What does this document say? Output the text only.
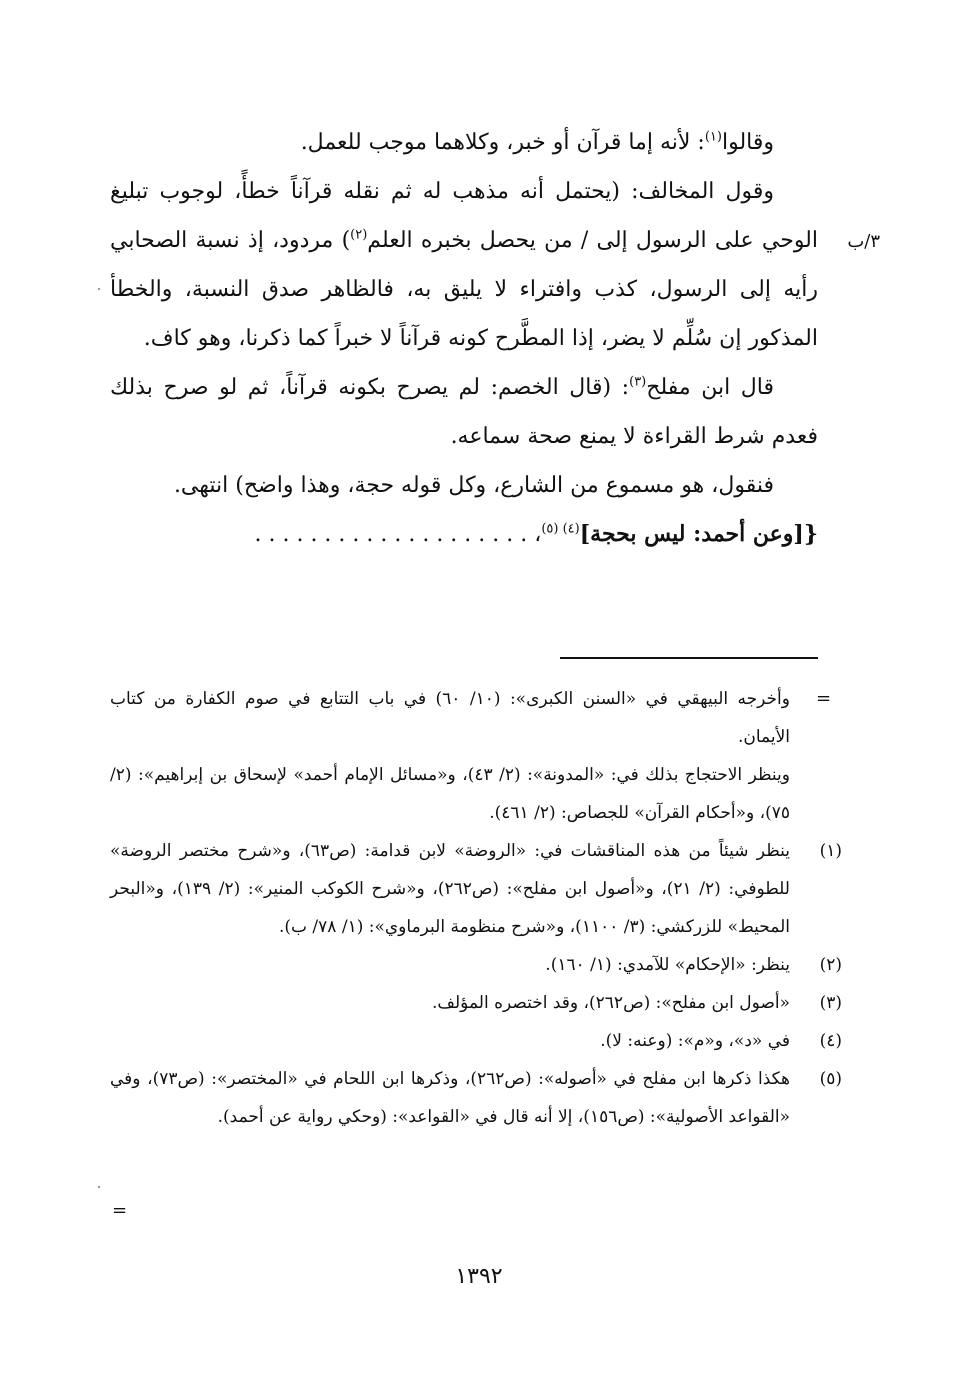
وقالوا$^{(١)}$: لأنه إما قرآن أو خبر، وكلاهما موجب للعمل.

وقول المخالف: (يحتمل أنه مذهب له ثم نقله قرآناً خطأً، لوجوب تبليغ الوحي على الرسول إلى / من يحصل بخبره العلم$^{(٢)}$) مردود، إذ نسبة الصحابي رأيه إلى الرسول، كذب وافتراء لا يليق به، فالظاهر صدق النسبة، والخطأ المذكور إن سُلِّم لا يضر، إذا المطَّرح كونه قرآناً لا خبراً كما ذكرنا، وهو كاف.

قال ابن مفلح$^{(٣)}$: (قال الخصم: لم يصرح بكونه قرآناً، ثم لو صرح بذلك فعدم شرط القراءة لا يمنع صحة سماعه.

فنقول، هو مسموع من الشارع، وكل قوله حجة، وهذا واضح) انتهى.

{[وعن أحمد: ليس بحجة]$^{(٤) (٥)}$، . . . . . . . . . . . . . . . . . . . .

٣/ب
=
وأخرجه البيهقي في «السنن الكبرى»: (١٠/ ٦٠) في باب التتابع في صوم الكفارة من كتاب الأيمان.
وينظر الاحتجاج بذلك في: «المدونة»: (٢/ ٤٣)، و«مسائل الإمام أحمد» لإسحاق بن إبراهيم»: (٢/ ٧٥)، و«أحكام القرآن» للجصاص: (٢/ ٤٦١).
(١)
ينظر شيئاً من هذه المناقشات في: «الروضة» لابن قدامة: (ص٦٣)، و«شرح مختصر الروضة» للطوفي: (٢/ ٢١)، و«أصول ابن مفلح»: (ص٢٦٢)، و«شرح الكوكب المنير»: (٢/ ١٣٩)، و«البحر المحيط» للزركشي: (٣/ ١١٠٠)، و«شرح منظومة البرماوي»: (١/ ٧٨/ ب).
(٢)
ينظر: «الإحكام» للآمدي: (١/ ١٦٠).
(٣)
«أصول ابن مفلح»: (ص٢٦٢)، وقد اختصره المؤلف.
(٤)
في «د»، و«م»: (وعنه: لا).
(٥)
هكذا ذكرها ابن مفلح في «أصوله»: (ص٢٦٢)، وذكرها ابن اللحام في «المختصر»: (ص٧٣)، وفي «القواعد الأصولية»: (ص١٥٦)، إلا أنه قال في «القواعد»: (وحكي رواية عن أحمد).
=
١٣٩٢
